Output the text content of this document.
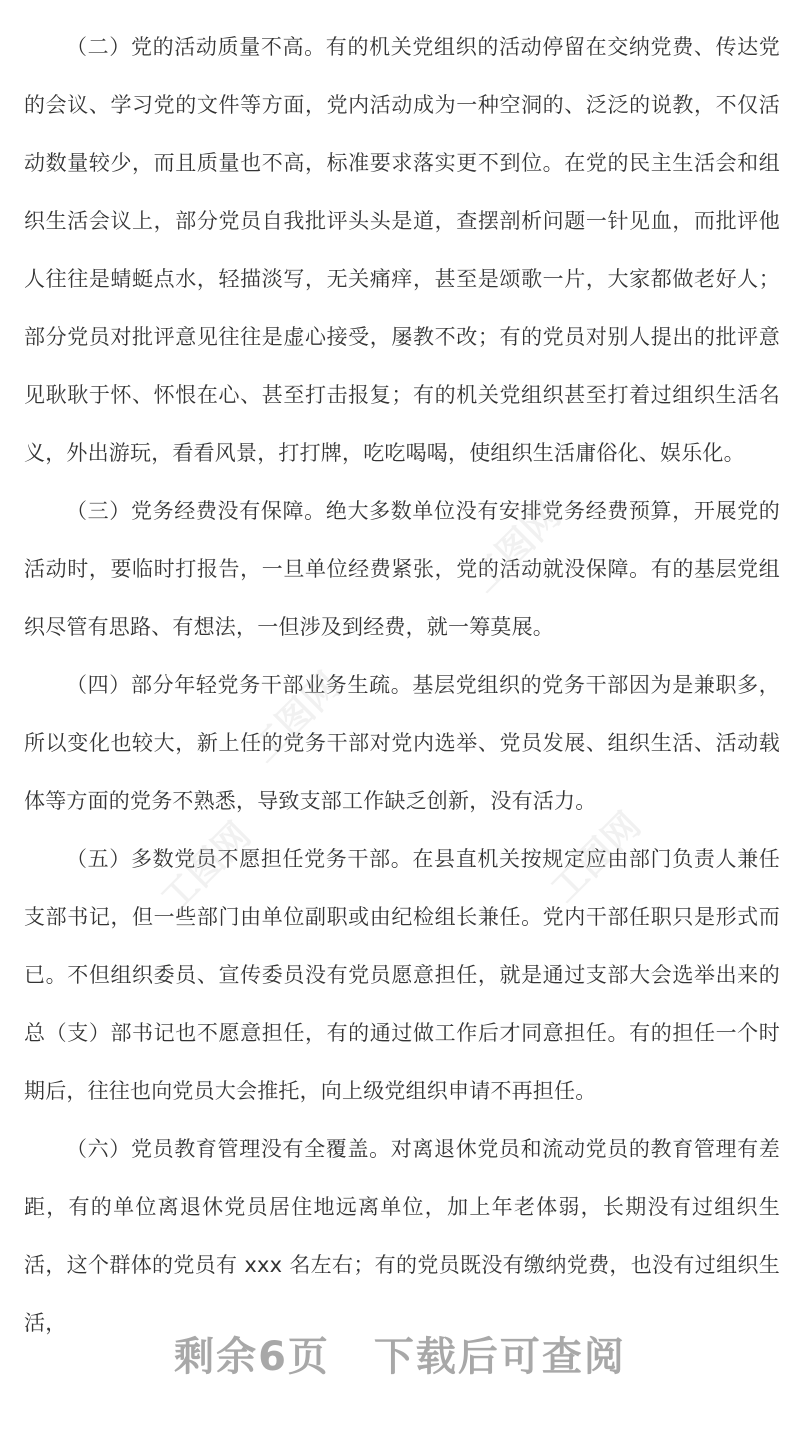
（二）党的活动质量不高。有的机关党组织的活动停留在交纳党费、传达党的会议、学习党的文件等方面，党内活动成为一种空洞的、泛泛的说教，不仅活动数量较少，而且质量也不高，标准要求落实更不到位。在党的民主生活会和组织生活会议上，部分党员自我批评头头是道，查摆剖析问题一针见血，而批评他人往往是蜻蜓点水，轻描淡写，无关痛痒，甚至是颂歌一片，大家都做老好人；部分党员对批评意见往往是虚心接受，屡教不改；有的党员对别人提出的批评意见耿耿于怀、怀恨在心、甚至打击报复；有的机关党组织甚至打着过组织生活名义，外出游玩，看看风景，打打牌，吃吃喝喝，使组织生活庸俗化、娱乐化。

（三）党务经费没有保障。绝大多数单位没有安排党务经费预算，开展党的活动时，要临时打报告，一旦单位经费紧张，党的活动就没保障。有的基层党组织尽管有思路、有想法，一但涉及到经费，就一筹莫展。

（四）部分年轻党务干部业务生疏。基层党组织的党务干部因为是兼职多，所以变化也较大，新上任的党务干部对党内选举、党员发展、组织生活、活动载体等方面的党务不熟悉，导致支部工作缺乏创新，没有活力。

（五）多数党员不愿担任党务干部。在县直机关按规定应由部门负责人兼任支部书记，但一些部门由单位副职或由纪检组长兼任。党内干部任职只是形式而已。不但组织委员、宣传委员没有党员愿意担任，就是通过支部大会选举出来的总（支）部书记也不愿意担任，有的通过做工作后才同意担任。有的担任一个时期后，往往也向党员大会推托，向上级党组织申请不再担任。

（六）党员教育管理没有全覆盖。对离退休党员和流动党员的教育管理有差距，有的单位离退休党员居住地远离单位，加上年老体弱，长期没有过组织生活，这个群体的党员有 xxx 名左右；有的党员既没有缴纳党费，也没有过组织生活，

工图网
工图网
工图网	工图网
剩余6页 下载后可查阅
